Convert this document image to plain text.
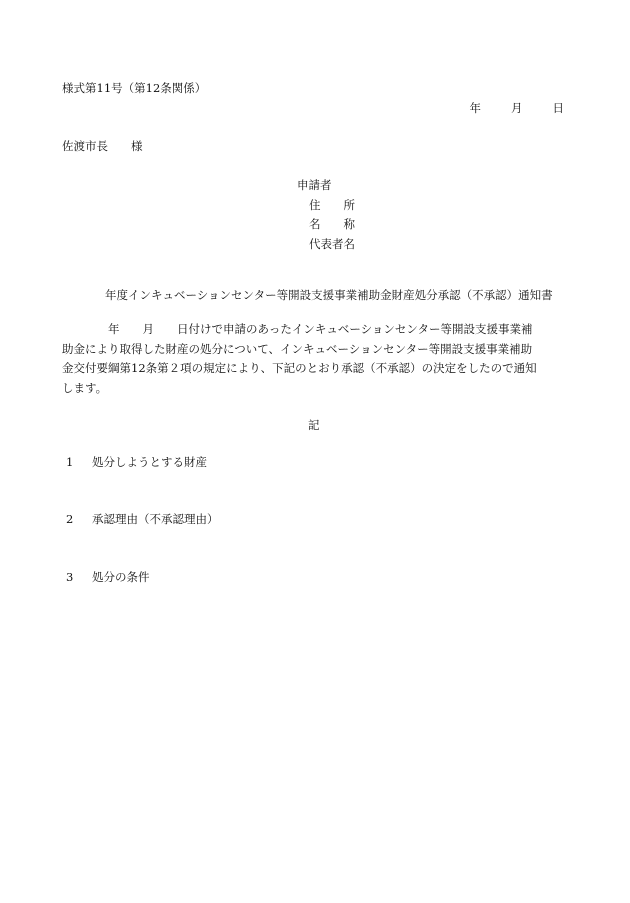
様式第11号（第12条関係）
年	月	日
佐渡市長　　様
申請者
住　　所
名　　称
代表者名
年度インキュベーションセンター等開設支援事業補助金財産処分承認（不承認）通知書
　　　　年　　月　　日付けで申請のあったインキュベーションセンター等開設支援事業補
助金により取得した財産の処分について、インキュベーションセンター等開設支援事業補助
金交付要綱第12条第２項の規定により、下記のとおり承認（不承認）の決定をしたので通知
します。
記
1 処分しようとする財産
2 承認理由（不承認理由）
3 処分の条件
